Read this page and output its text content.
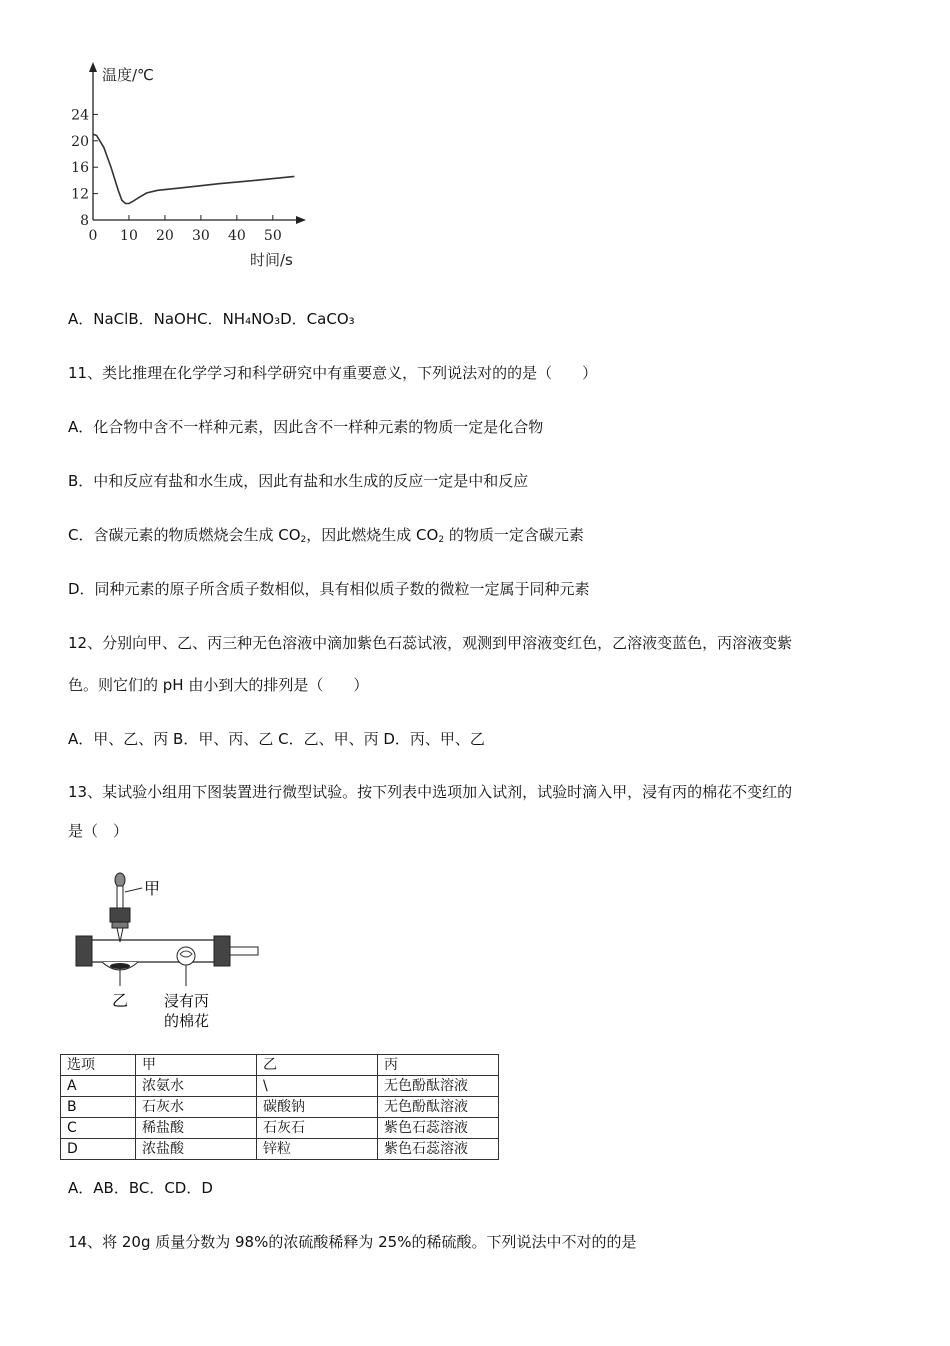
温度/℃
时间/s
8
12
16
20
24
0 10 20 30 40 50
A．NaClB．NaOHC．NH₄NO₃D．CaCO₃
11、类比推理在化学学习和科学研究中有重要意义，下列说法对的的是（　　）
A．化合物中含不一样种元素，因此含不一样种元素的物质一定是化合物
B．中和反应有盐和水生成，因此有盐和水生成的反应一定是中和反应
C．含碳元素的物质燃烧会生成 $CO_2$，因此燃烧生成 $CO_2$ 的物质一定含碳元素
D．同种元素的原子所含质子数相似，具有相似质子数的微粒一定属于同种元素
12、分别向甲、乙、丙三种无色溶液中滴加紫色石蕊试液，观测到甲溶液变红色，乙溶液变蓝色，丙溶液变紫
色。则它们的 pH 由小到大的排列是（　　）
A．甲、乙、丙 B．甲、丙、乙 C．乙、甲、丙 D．丙、甲、乙
13、某试验小组用下图装置进行微型试验。按下列表中选项加入试剂，试验时滴入甲，浸有丙的棉花不变红的
是（　）
甲
乙 浸有丙
的棉花
选项	甲	乙	丙
A	浓氨水	\	无色酚酞溶液
B	石灰水	碳酸钠	无色酚酞溶液
C	稀盐酸	石灰石	紫色石蕊溶液
D	浓盐酸	锌粒	紫色石蕊溶液
A．AB．BC．CD．D
14、将 20g 质量分数为 98%的浓硫酸稀释为 25%的稀硫酸。下列说法中不对的的是
